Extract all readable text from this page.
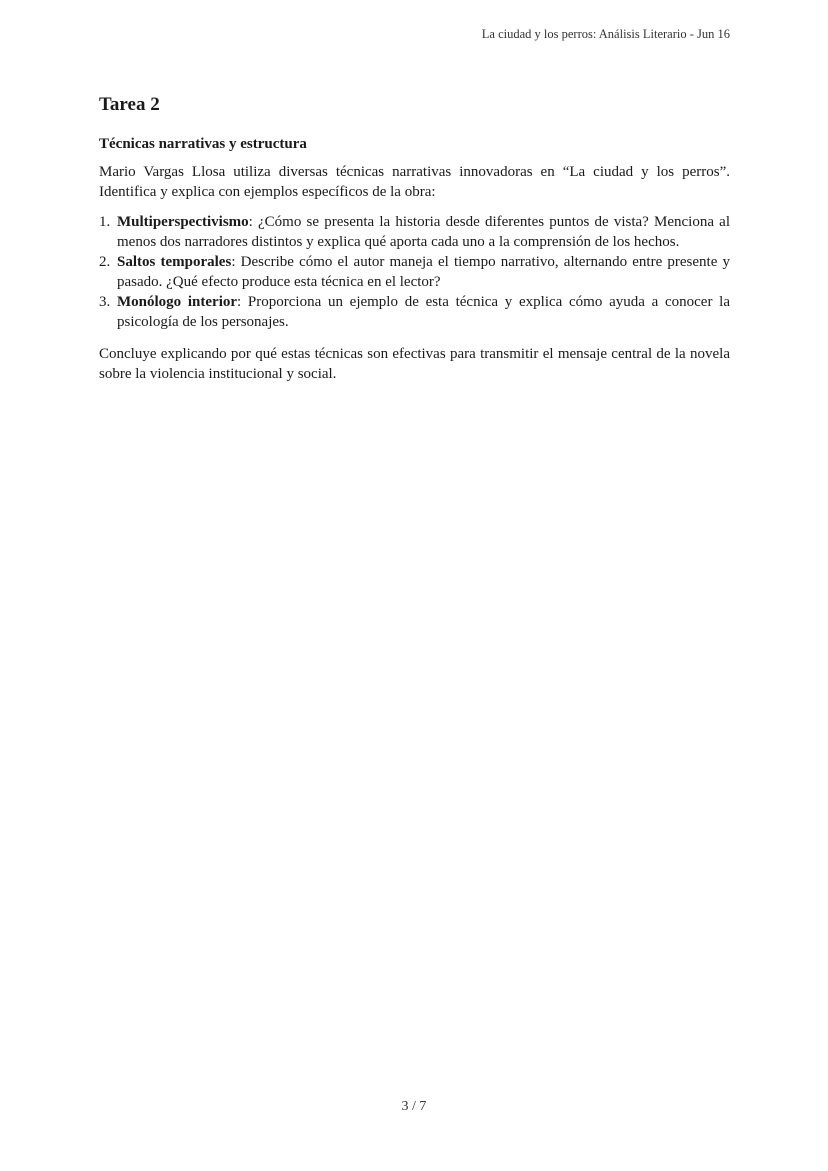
La ciudad y los perros: Análisis Literario - Jun 16
Tarea 2
Técnicas narrativas y estructura

Mario Vargas Llosa utiliza diversas técnicas narrativas innovadoras en “La ciudad y los perros”. Identifica y explica con ejemplos específicos de la obra:

1. Multiperspectivismo: ¿Cómo se presenta la historia desde diferentes puntos de vista? Menciona al menos dos narradores distintos y explica qué aporta cada uno a la comprensión de los hechos.
2. Saltos temporales: Describe cómo el autor maneja el tiempo narrativo, alternando entre presente y pasado. ¿Qué efecto produce esta técnica en el lector?
3. Monólogo interior: Proporciona un ejemplo de esta técnica y explica cómo ayuda a conocer la psicología de los personajes.

Concluye explicando por qué estas técnicas son efectivas para transmitir el mensaje central de la novela sobre la violencia institucional y social.

3 / 7
